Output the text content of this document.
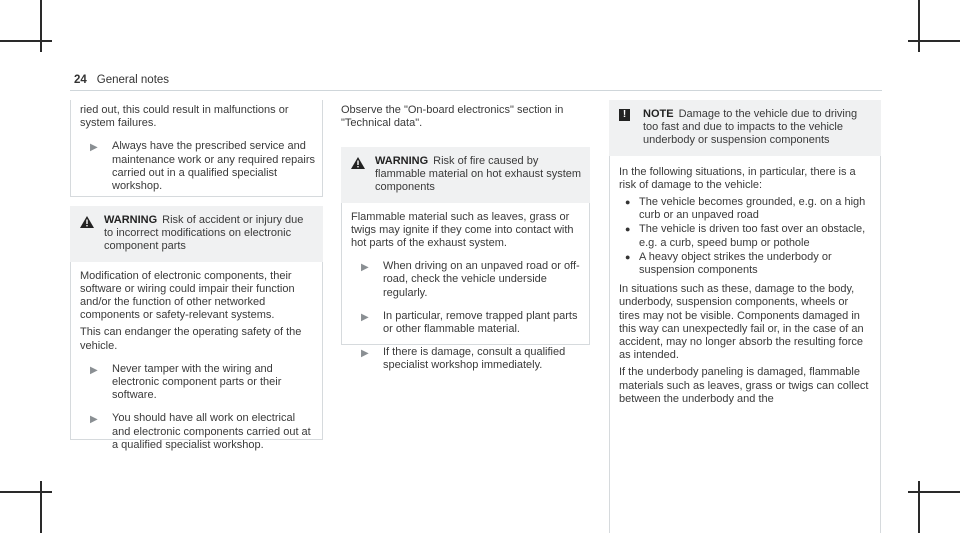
24 General notes
ried out, this could result in malfunctions or system failures.
▶	Always have the prescribed service and maintenance work or any required repairs carried out in a qualified specialist workshop.
WARNING Risk of accident or injury due to incorrect modifications on electronic component parts
Modification of electronic components, their software or wiring could impair their function and/or the function of other networked components or safety-relevant systems.
This can endanger the operating safety of the vehicle.
▶	Never tamper with the wiring and electronic component parts or their software.
▶	You should have all work on electrical and electronic components carried out at a qualified specialist workshop.
Observe the "On-board electronics" section in "Technical data".
WARNING Risk of fire caused by flammable material on hot exhaust system components
Flammable material such as leaves, grass or twigs may ignite if they come into contact with hot parts of the exhaust system.
▶	When driving on an unpaved road or off-road, check the vehicle underside regularly.
▶	In particular, remove trapped plant parts or other flammable material.
▶	If there is damage, consult a qualified specialist workshop immediately.
!	NOTE Damage to the vehicle due to driving too fast and due to impacts to the vehicle underbody or suspension components
In the following situations, in particular, there is a risk of damage to the vehicle:
● The vehicle becomes grounded, e.g. on a high curb or an unpaved road
● The vehicle is driven too fast over an obstacle, e.g. a curb, speed bump or pothole
● A heavy object strikes the underbody or suspension components
In situations such as these, damage to the body, underbody, suspension components, wheels or tires may not be visible. Components damaged in this way can unexpectedly fail or, in the case of an accident, may no longer absorb the resulting force as intended.
If the underbody paneling is damaged, flammable materials such as leaves, grass or twigs can collect between the underbody and the
